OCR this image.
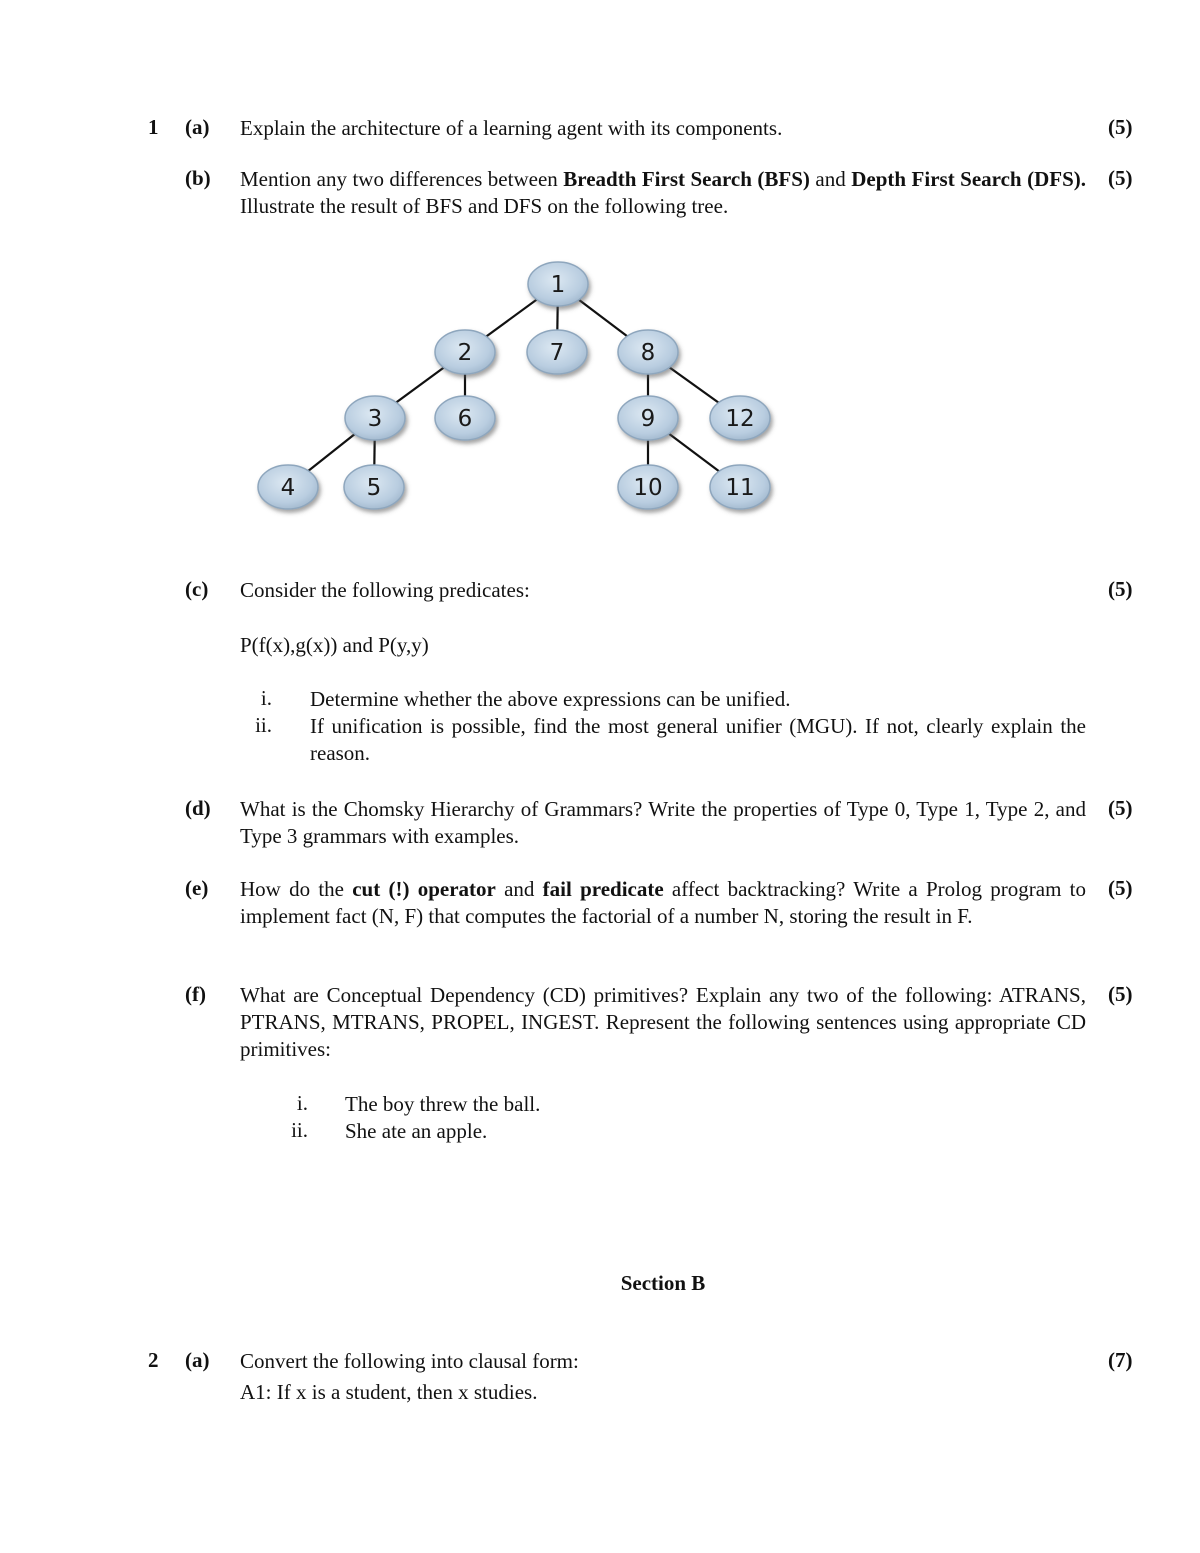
1 (a) Explain the architecture of a learning agent with its components.	(5)
(b) Mention any two differences between Breadth First Search (BFS) and Depth First Search (DFS). Illustrate the result of BFS and DFS on the following tree.
(5)
1
2	7	8
3	6	9	12
4	5	10	11
(c) Consider the following predicates:	(5)
P(f(x),g(x)) and P(y,y)
i. Determine whether the above expressions can be unified.
ii. If unification is possible, find the most general unifier (MGU). If not, clearly explain the reason.
(d) What is the Chomsky Hierarchy of Grammars? Write the properties of Type 0, Type 1, Type 2, and Type 3 grammars with examples.
(5)
(e) How do the cut (!) operator and fail predicate affect backtracking? Write a Prolog program to implement fact (N, F) that computes the factorial of a number N, storing the result in F.
(5)
(f) What are Conceptual Dependency (CD) primitives? Explain any two of the following: ATRANS, PTRANS, MTRANS, PROPEL, INGEST. Represent the following sentences using appropriate CD primitives:
(5)
i. The boy threw the ball.
ii. She ate an apple.
Section B
2 (a) Convert the following into clausal form:	(7)
A1: If x is a student, then x studies.
